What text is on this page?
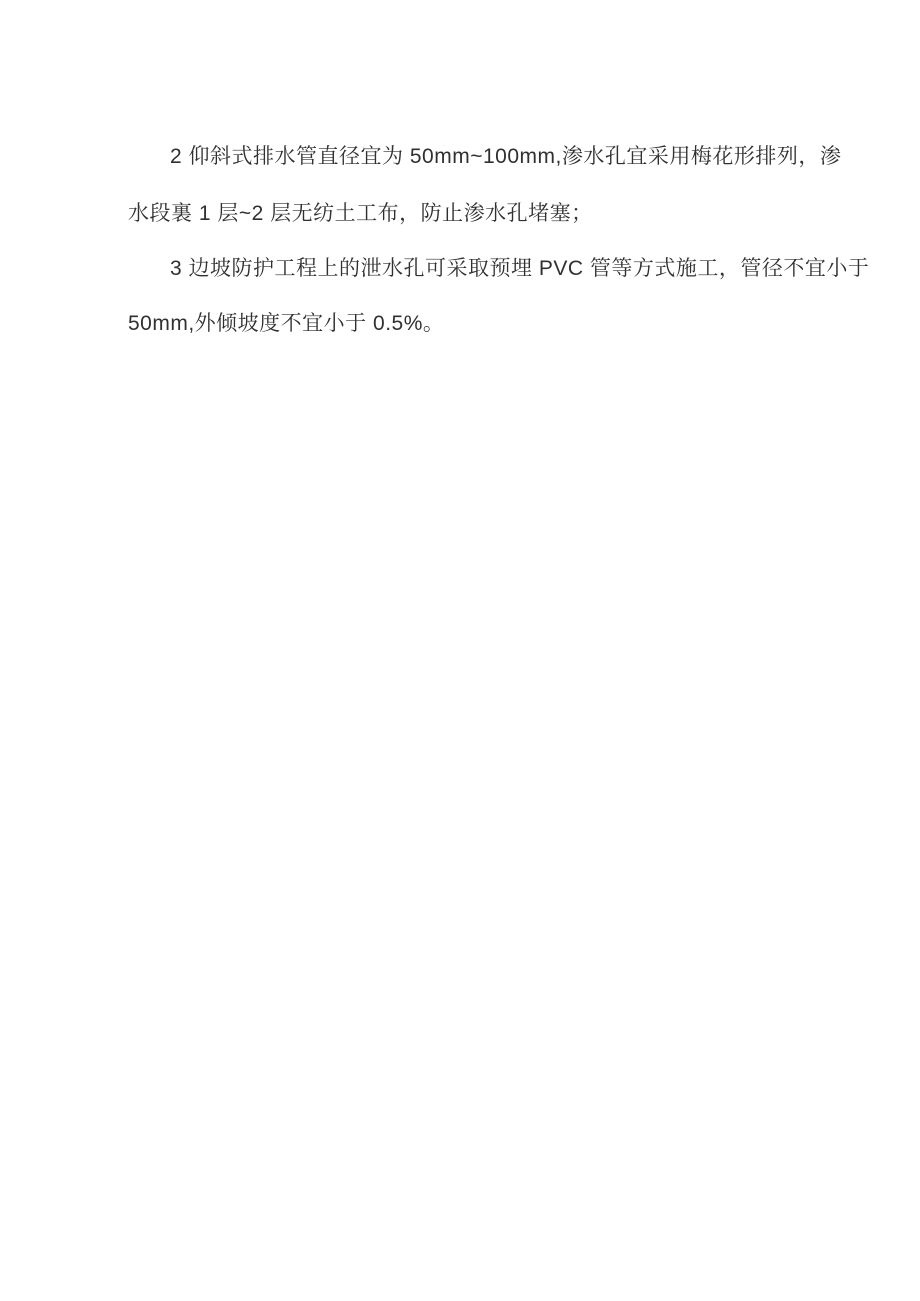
2 仰斜式排水管直径宜为 50mm~100mm,渗水孔宜采用梅花形排列，渗
水段裏 1 层~2 层无纺土工布，防止渗水孔堵塞；
3 边坡防护工程上的泄水孔可采取预埋 PVC 管等方式施工，管径不宜小于
50mm,外倾坡度不宜小于 0.5%。
